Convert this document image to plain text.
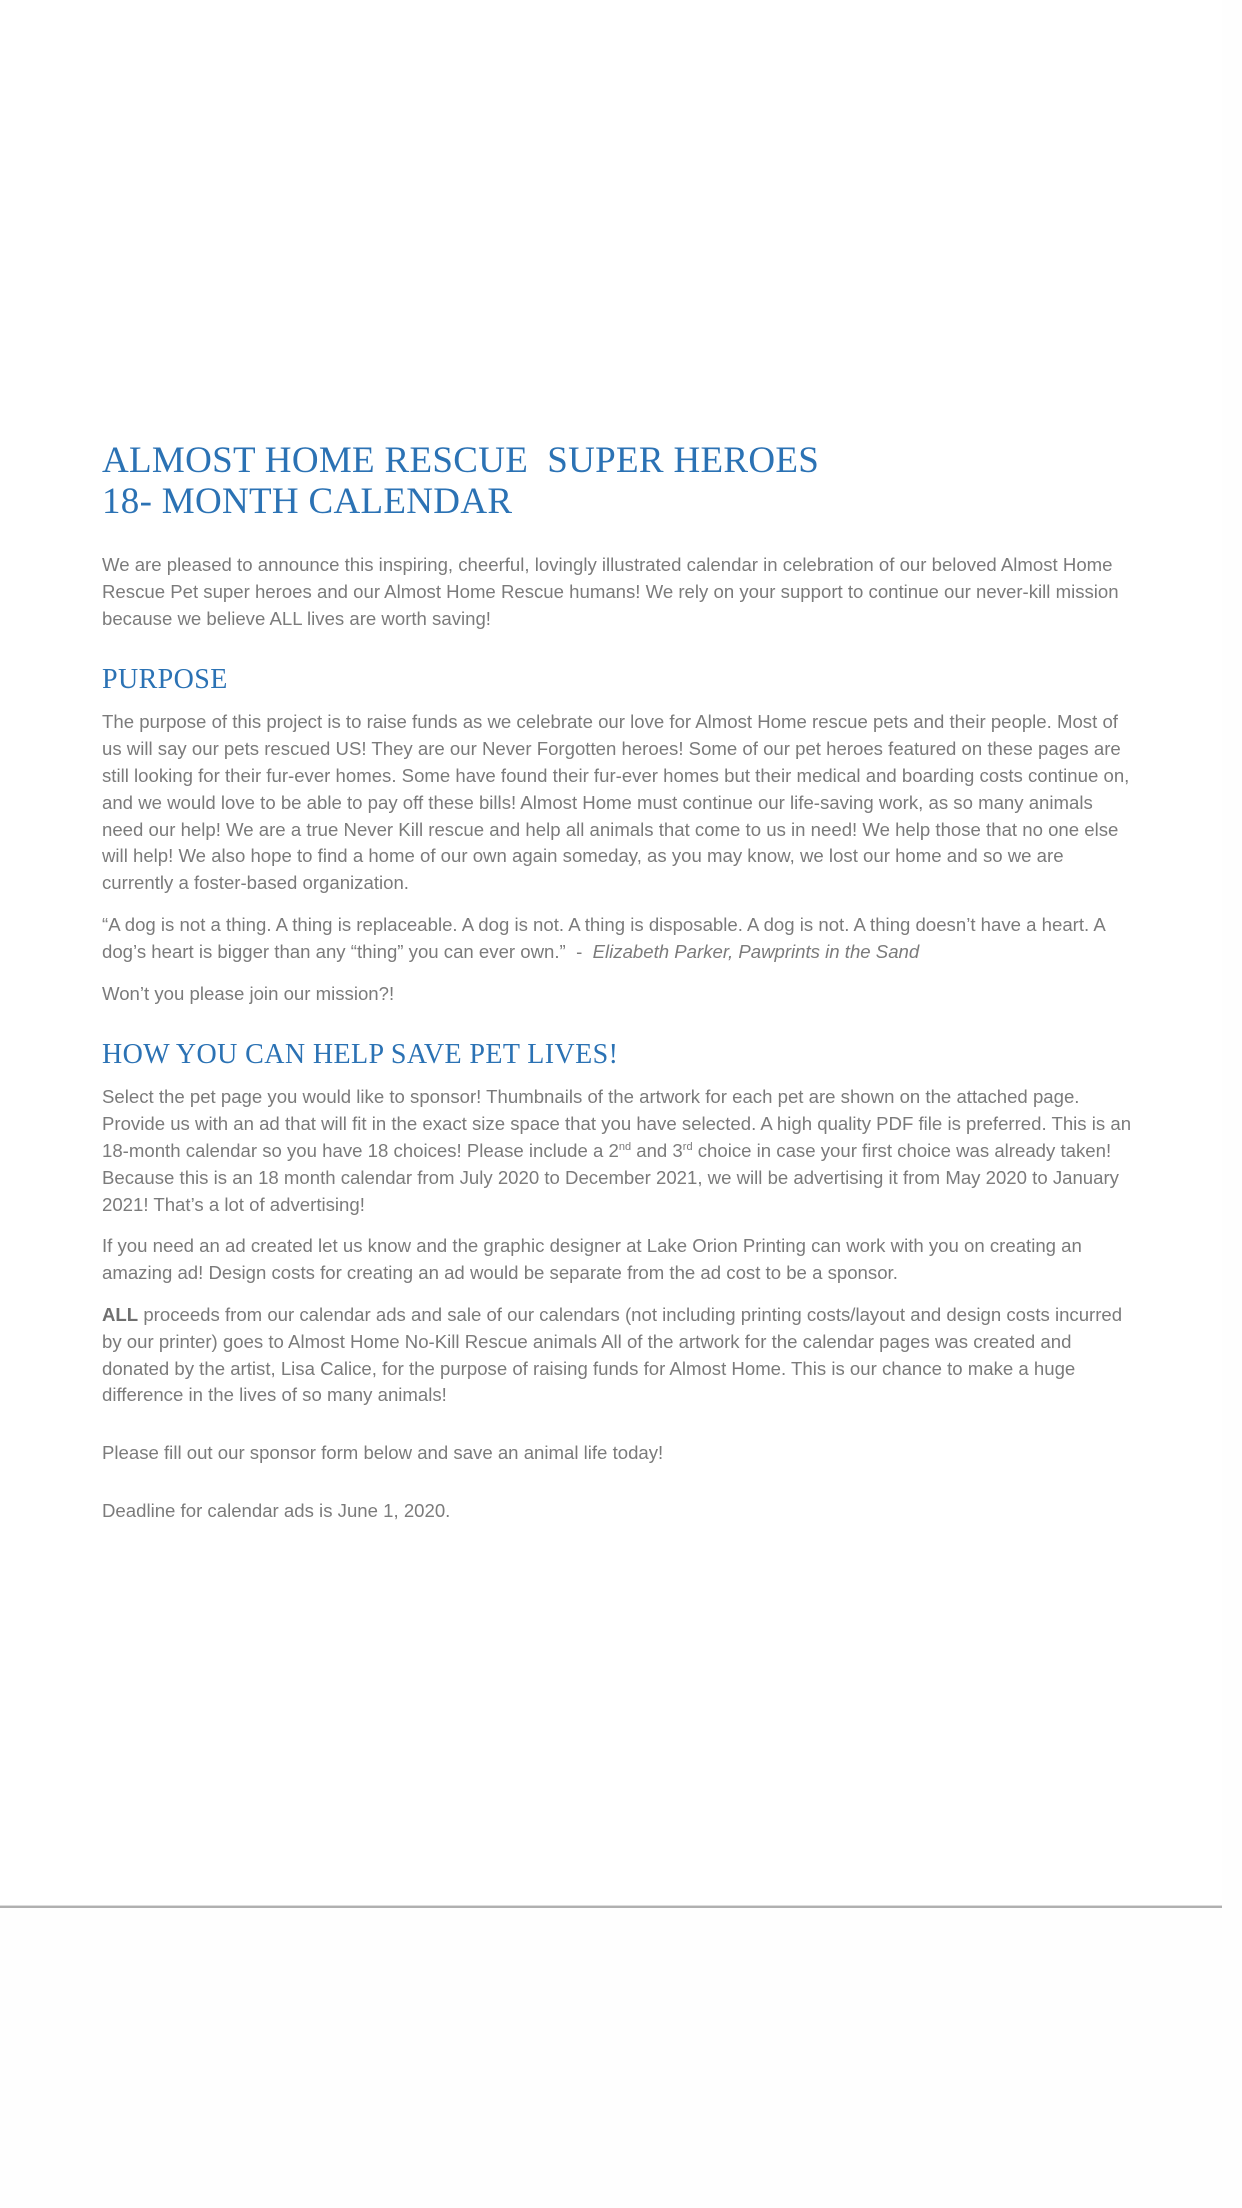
ALMOST HOME RESCUE  SUPER HEROES
18- MONTH CALENDAR

We are pleased to announce this inspiring, cheerful, lovingly illustrated calendar in celebration of our beloved Almost Home Rescue Pet super heroes and our Almost Home Rescue humans! We rely on your support to continue our never-kill mission because we believe ALL lives are worth saving!

PURPOSE

The purpose of this project is to raise funds as we celebrate our love for Almost Home rescue pets and their people. Most of us will say our pets rescued US! They are our Never Forgotten heroes! Some of our pet heroes featured on these pages are still looking for their fur-ever homes. Some have found their fur-ever homes but their medical and boarding costs continue on, and we would love to be able to pay off these bills! Almost Home must continue our life-saving work, as so many animals need our help! We are a true Never Kill rescue and help all animals that come to us in need! We help those that no one else will help! We also hope to find a home of our own again someday, as you may know, we lost our home and so we are currently a foster-based organization.

“A dog is not a thing. A thing is replaceable. A dog is not. A thing is disposable. A dog is not. A thing doesn’t have a heart. A dog’s heart is bigger than any “thing” you can ever own.”  -  Elizabeth Parker, Pawprints in the Sand

Won’t you please join our mission?!

HOW YOU CAN HELP SAVE PET LIVES!

Select the pet page you would like to sponsor! Thumbnails of the artwork for each pet are shown on the attached page. Provide us with an ad that will fit in the exact size space that you have selected. A high quality PDF file is preferred. This is an 18-month calendar so you have 18 choices! Please include a 2nd and 3rd choice in case your first choice was already taken! Because this is an 18 month calendar from July 2020 to December 2021, we will be advertising it from May 2020 to January 2021! That’s a lot of advertising!

If you need an ad created let us know and the graphic designer at Lake Orion Printing can work with you on creating an amazing ad! Design costs for creating an ad would be separate from the ad cost to be a sponsor.

ALL proceeds from our calendar ads and sale of our calendars (not including printing costs/layout and design costs incurred by our printer) goes to Almost Home No-Kill Rescue animals All of the artwork for the calendar pages was created and donated by the artist, Lisa Calice, for the purpose of raising funds for Almost Home. This is our chance to make a huge difference in the lives of so many animals!

Please fill out our sponsor form below and save an animal life today!

Deadline for calendar ads is June 1, 2020.
